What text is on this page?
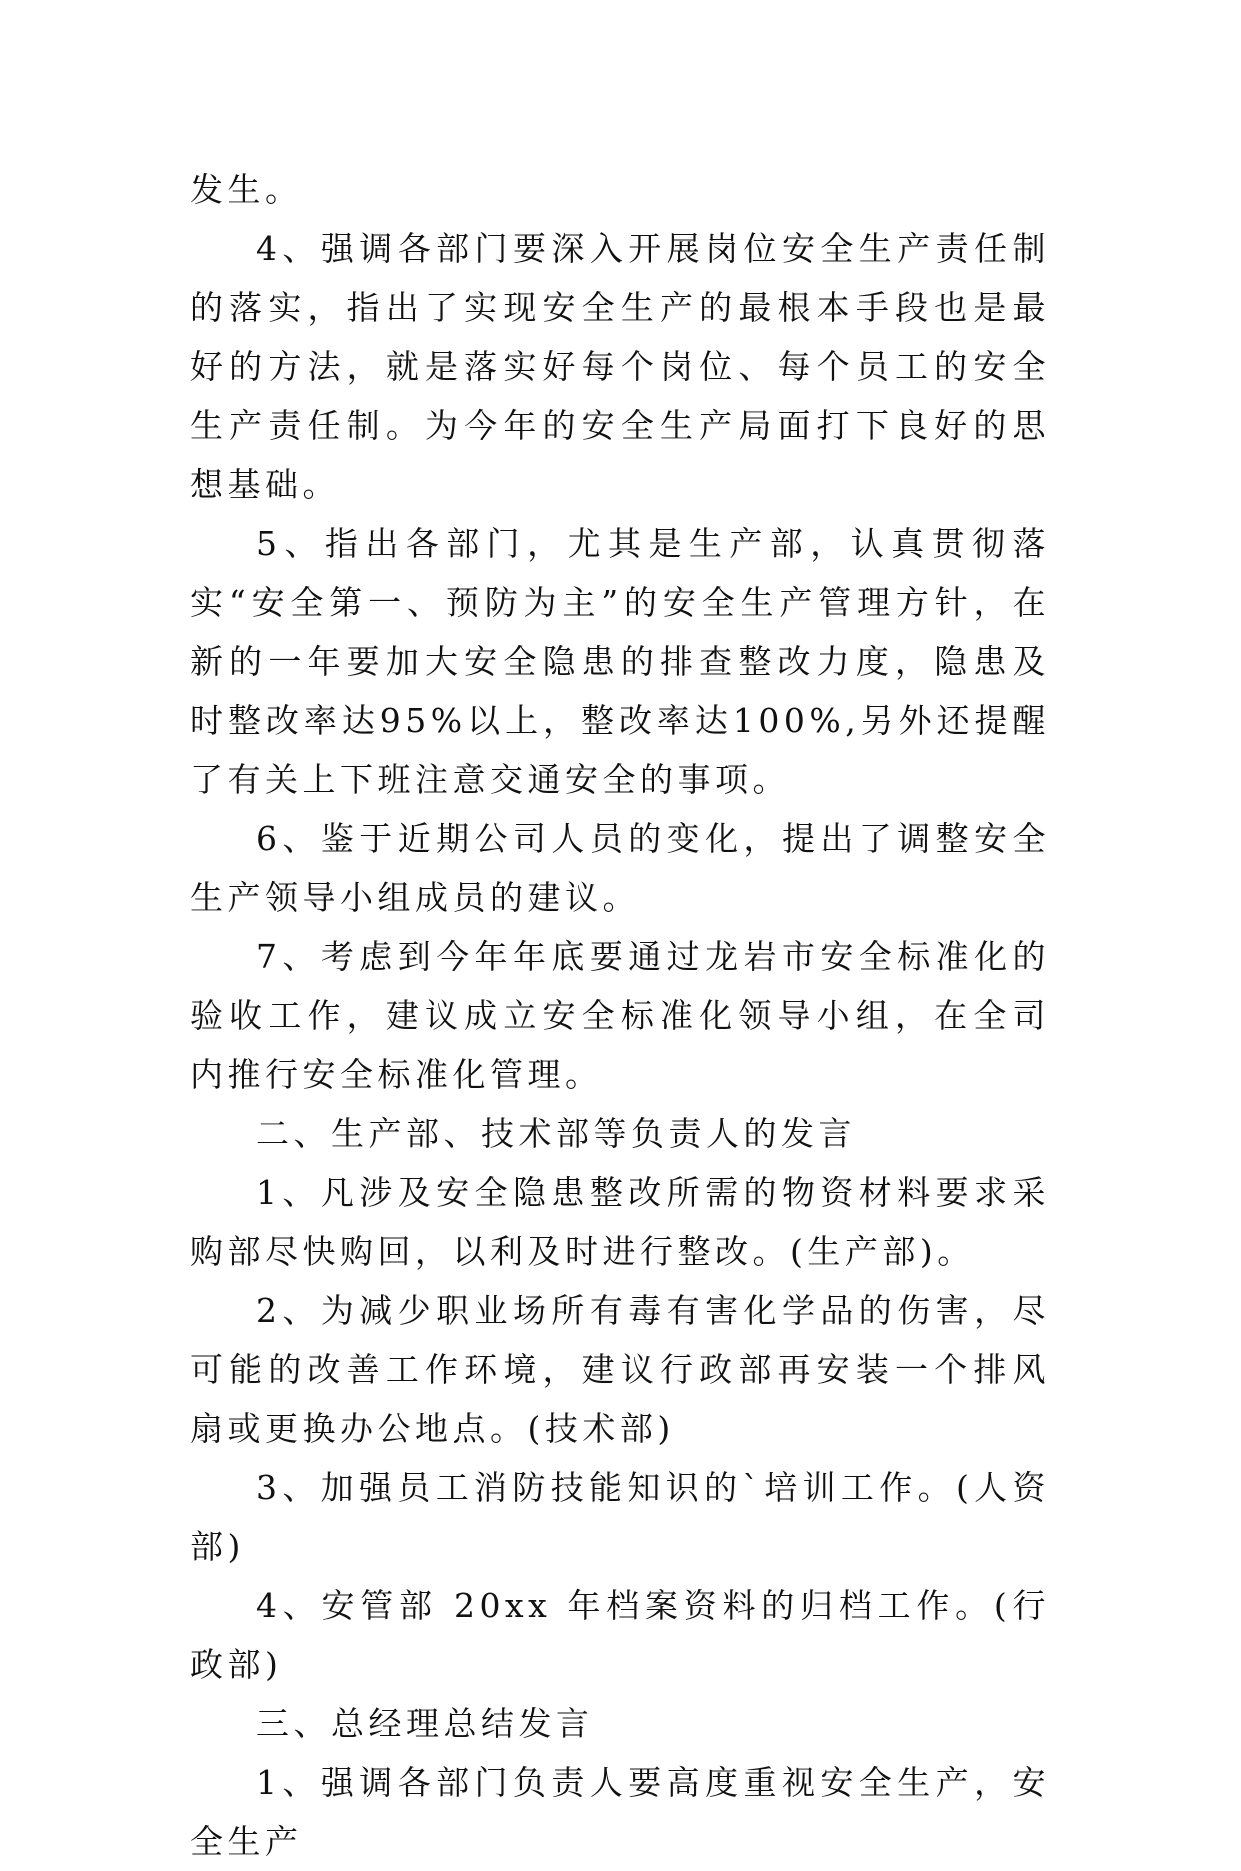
发生。

4、强调各部门要深入开展岗位安全生产责任制的落实，指出了实现安全生产的最根本手段也是最好的方法，就是落实好每个岗位、每个员工的安全生产责任制。为今年的安全生产局面打下良好的思想基础。

5、指出各部门，尤其是生产部，认真贯彻落实“安全第一、预防为主”的安全生产管理方针，在新的一年要加大安全隐患的排查整改力度，隐患及时整改率达95%以上，整改率达100%,另外还提醒了有关上下班注意交通安全的事项。

6、鉴于近期公司人员的变化，提出了调整安全生产领导小组成员的建议。

7、考虑到今年年底要通过龙岩市安全标准化的验收工作，建议成立安全标准化领导小组，在全司内推行安全标准化管理。

二、生产部、技术部等负责人的发言

1、凡涉及安全隐患整改所需的物资材料要求采购部尽快购回，以利及时进行整改。(生产部)。

2、为减少职业场所有毒有害化学品的伤害，尽可能的改善工作环境，建议行政部再安装一个排风扇或更换办公地点。(技术部)

3、加强员工消防技能知识的`培训工作。(人资部)

4、安管部 20xx 年档案资料的归档工作。(行政部)

三、总经理总结发言

1、强调各部门负责人要高度重视安全生产，安全生产
